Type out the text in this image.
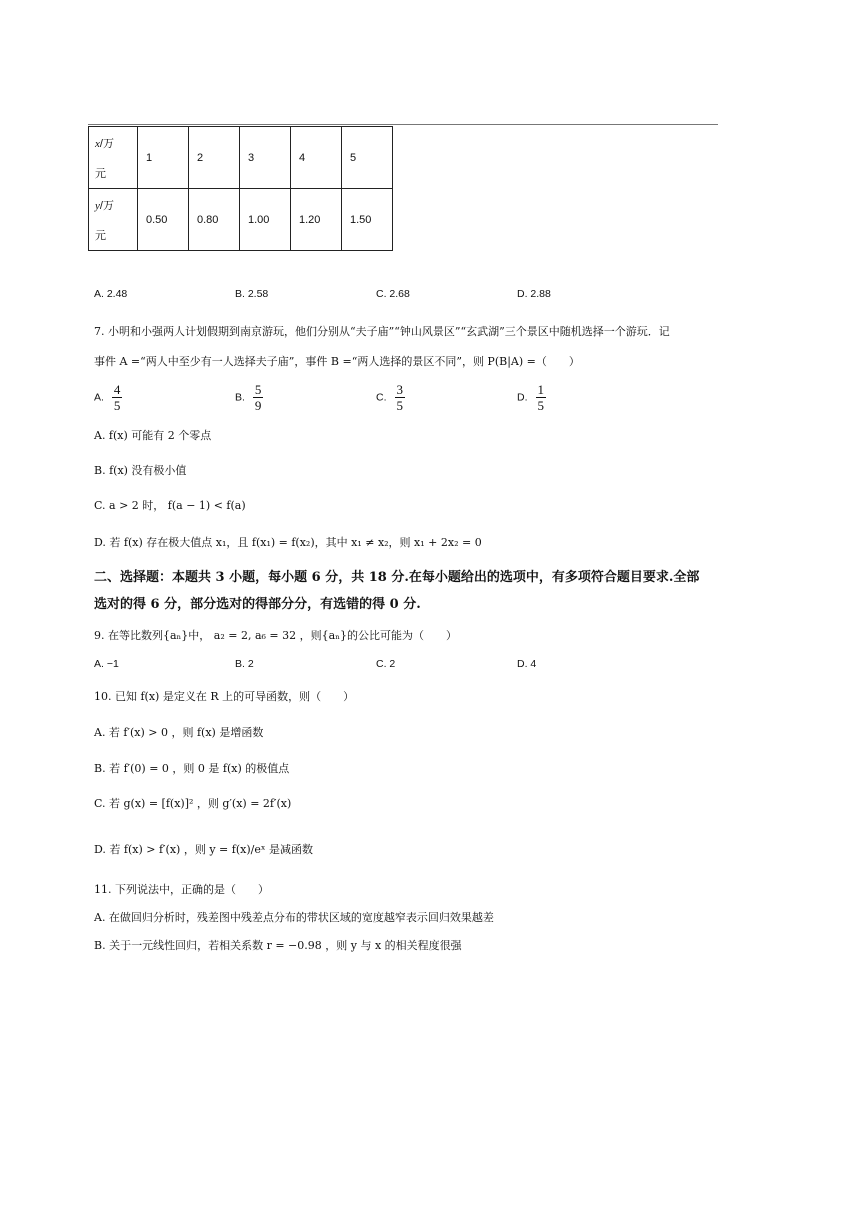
x/万
元	1	2	3	4	5

y/万
元	0.50	0.80	1.00	1.20	1.50
A. 2.48	B. 2.58	C. 2.68	D. 2.88
7. 小明和小强两人计划假期到南京游玩，他们分别从“夫子庙”“钟山风景区”“玄武湖”三个景区中随机选择一个游玩．记
事件 A =“两人中至少有一人选择夫子庙”，事件 B =“两人选择的景区不同”，则 P(B|A) =（　　）
A. $\frac{4}{5}$	B. $\frac{5}{9}$	C. $\frac{3}{5}$	D. $\frac{1}{5}$
A. f(x) 可能有 2 个零点
B. f(x) 没有极小值
C. a > 2 时， f(a − 1) < f(a)
D. 若 f(x) 存在极大值点 x₁，且 f(x₁) = f(x₂)，其中 x₁ ≠ x₂，则 x₁ + 2x₂ = 0
二、选择题：本题共 3 小题，每小题 6 分，共 18 分.在每小题给出的选项中，有多项符合题目要求.全部
选对的得 6 分，部分选对的得部分分，有选错的得 0 分.
9. 在等比数列{aₙ}中， a₂ = 2, a₆ = 32 ，则{aₙ}的公比可能为（　　）
A. −1	B. 2	C. 2	D. 4
10. 已知 f(x) 是定义在 R 上的可导函数，则（　　）
A. 若 f′(x) > 0 ，则 f(x) 是增函数
B. 若 f′(0) = 0 ，则 0 是 f(x) 的极值点
C. 若 g(x) = [f(x)]² ，则 g′(x) = 2f′(x)
D. 若 f(x) > f′(x) ，则 y = f(x)/eˣ 是减函数
11. 下列说法中，正确的是（　　）
A. 在做回归分析时，残差图中残差点分布的带状区域的宽度越窄表示回归效果越差
B. 关于一元线性回归，若相关系数 r = −0.98 ，则 y 与 x 的相关程度很强
